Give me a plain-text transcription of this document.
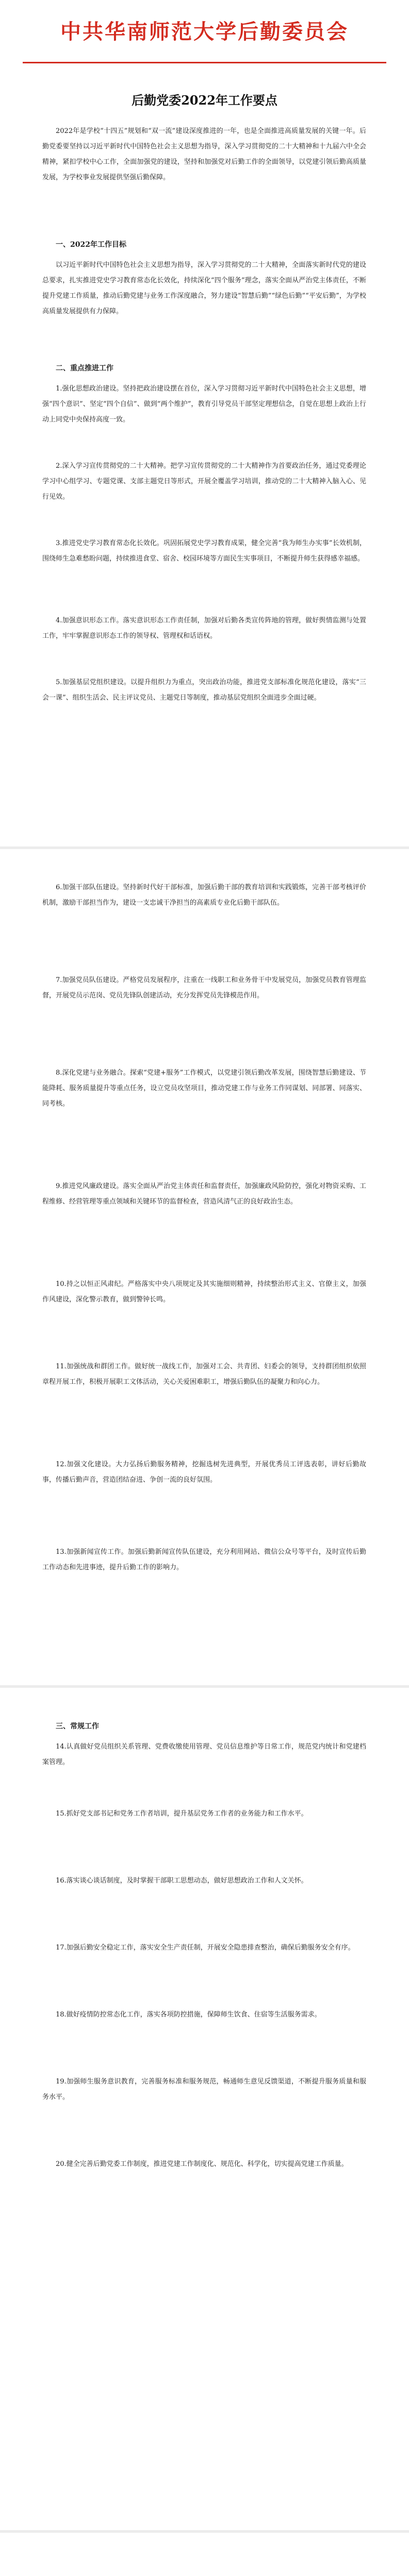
中共华南师范大学后勤委员会
后勤党委2022年工作要点

2022年是学校“十四五”规划和“双一流”建设深度推进的一年，也是全面推进高质量发展的关键一年。后勤党委要坚持以习近平新时代中国特色社会主义思想为指导，深入学习贯彻党的二十大精神和十九届六中全会精神，紧扣学校中心工作，全面加强党的建设，坚持和加强党对后勤工作的全面领导，以党建引领后勤高质量发展，为学校事业发展提供坚强后勤保障。

一、2022年工作目标

以习近平新时代中国特色社会主义思想为指导，深入学习贯彻党的二十大精神，全面落实新时代党的建设总要求，扎实推进党史学习教育常态化长效化，持续深化“四个服务”理念，落实全面从严治党主体责任，不断提升党建工作质量，推动后勤党建与业务工作深度融合，努力建设“智慧后勤”“绿色后勤”“平安后勤”，为学校高质量发展提供有力保障。

二、重点推进工作

1.强化思想政治建设。坚持把政治建设摆在首位，深入学习贯彻习近平新时代中国特色社会主义思想，增强“四个意识”、坚定“四个自信”、做到“两个维护”，教育引导党员干部坚定理想信念，自觉在思想上政治上行动上同党中央保持高度一致。

2.深入学习宣传贯彻党的二十大精神。把学习宣传贯彻党的二十大精神作为首要政治任务，通过党委理论学习中心组学习、专题党课、支部主题党日等形式，开展全覆盖学习培训，推动党的二十大精神入脑入心、见行见效。

3.推进党史学习教育常态化长效化。巩固拓展党史学习教育成果，健全完善“我为师生办实事”长效机制，围绕师生急难愁盼问题，持续推进食堂、宿舍、校园环境等方面民生实事项目，不断提升师生获得感幸福感。

4.加强意识形态工作。落实意识形态工作责任制，加强对后勤各类宣传阵地的管理，做好舆情监测与处置工作，牢牢掌握意识形态工作的领导权、管理权和话语权。

5.加强基层党组织建设。以提升组织力为重点，突出政治功能，推进党支部标准化规范化建设，落实“三会一课”、组织生活会、民主评议党员、主题党日等制度，推动基层党组织全面进步全面过硬。

6.加强干部队伍建设。坚持新时代好干部标准，加强后勤干部的教育培训和实践锻炼，完善干部考核评价机制，激励干部担当作为，建设一支忠诚干净担当的高素质专业化后勤干部队伍。

7.加强党员队伍建设。严格党员发展程序，注重在一线职工和业务骨干中发展党员，加强党员教育管理监督，开展党员示范岗、党员先锋队创建活动，充分发挥党员先锋模范作用。

8.深化党建与业务融合。探索“党建+服务”工作模式，以党建引领后勤改革发展，围绕智慧后勤建设、节能降耗、服务质量提升等重点任务，设立党员攻坚项目，推动党建工作与业务工作同谋划、同部署、同落实、同考核。

9.推进党风廉政建设。落实全面从严治党主体责任和监督责任，加强廉政风险防控，强化对物资采购、工程维修、经营管理等重点领域和关键环节的监督检查，营造风清气正的良好政治生态。

10.持之以恒正风肃纪。严格落实中央八项规定及其实施细则精神，持续整治形式主义、官僚主义，加强作风建设，深化警示教育，做到警钟长鸣。

11.加强统战和群团工作。做好统一战线工作，加强对工会、共青团、妇委会的领导，支持群团组织依照章程开展工作，积极开展职工文体活动，关心关爱困难职工，增强后勤队伍的凝聚力和向心力。

12.加强文化建设。大力弘扬后勤服务精神，挖掘选树先进典型，开展优秀员工评选表彰，讲好后勤故事，传播后勤声音，营造团结奋进、争创一流的良好氛围。

13.加强新闻宣传工作。加强后勤新闻宣传队伍建设，充分利用网站、微信公众号等平台，及时宣传后勤工作动态和先进事迹，提升后勤工作的影响力。

三、常规工作

14.认真做好党员组织关系管理、党费收缴使用管理、党员信息维护等日常工作，规范党内统计和党建档案管理。

15.抓好党支部书记和党务工作者培训，提升基层党务工作者的业务能力和工作水平。

16.落实谈心谈话制度，及时掌握干部职工思想动态，做好思想政治工作和人文关怀。

17.加强后勤安全稳定工作，落实安全生产责任制，开展安全隐患排查整治，确保后勤服务安全有序。

18.做好疫情防控常态化工作，落实各项防控措施，保障师生饮食、住宿等生活服务需求。

19.加强师生服务意识教育，完善服务标准和服务规范，畅通师生意见反馈渠道，不断提升服务质量和服务水平。

20.健全完善后勤党委工作制度，推进党建工作制度化、规范化、科学化，切实提高党建工作质量。
